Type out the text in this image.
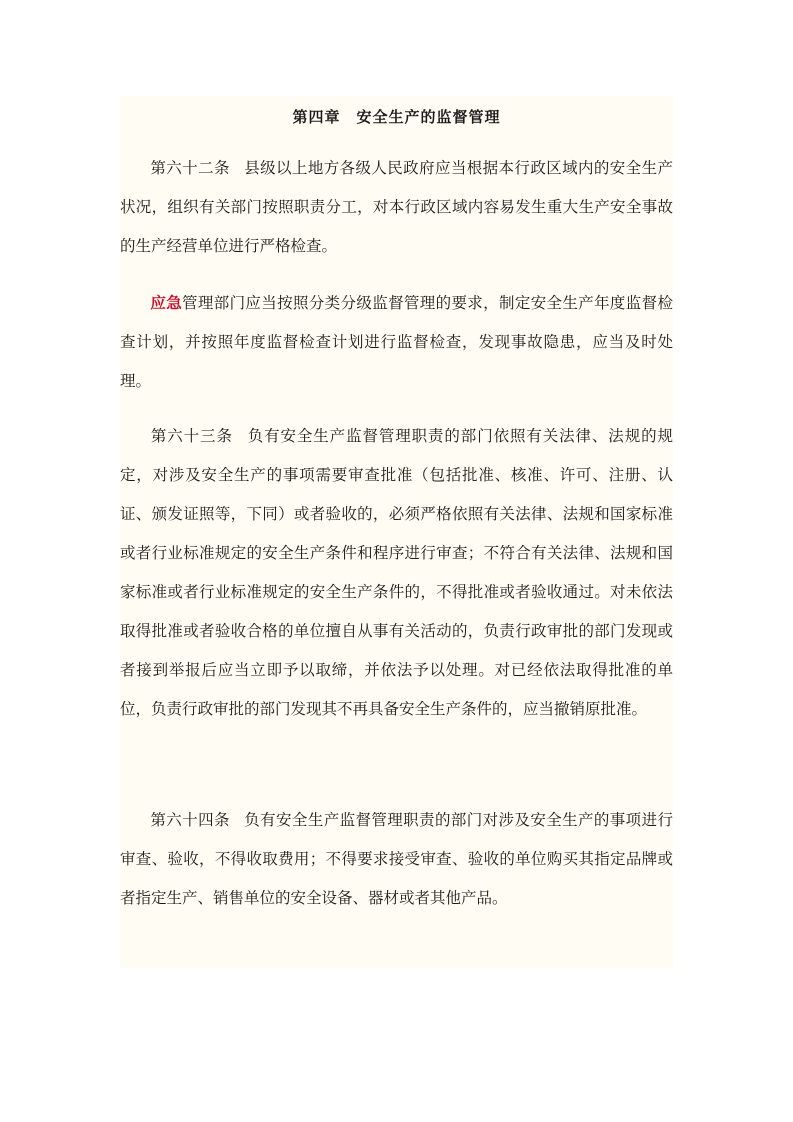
第四章　安全生产的监督管理

第六十二条 县级以上地方各级人民政府应当根据本行政区域内的安全生产状况，组织有关部门按照职责分工，对本行政区域内容易发生重大生产安全事故的生产经营单位进行严格检查。

应急管理部门应当按照分类分级监督管理的要求，制定安全生产年度监督检查计划，并按照年度监督检查计划进行监督检查，发现事故隐患，应当及时处理。

第六十三条 负有安全生产监督管理职责的部门依照有关法律、法规的规定，对涉及安全生产的事项需要审查批准（包括批准、核准、许可、注册、认证、颁发证照等，下同）或者验收的，必须严格依照有关法律、法规和国家标准或者行业标准规定的安全生产条件和程序进行审查；不符合有关法律、法规和国家标准或者行业标准规定的安全生产条件的，不得批准或者验收通过。对未依法取得批准或者验收合格的单位擅自从事有关活动的，负责行政审批的部门发现或者接到举报后应当立即予以取缔，并依法予以处理。对已经依法取得批准的单位，负责行政审批的部门发现其不再具备安全生产条件的，应当撤销原批准。

第六十四条 负有安全生产监督管理职责的部门对涉及安全生产的事项进行审查、验收，不得收取费用；不得要求接受审查、验收的单位购买其指定品牌或者指定生产、销售单位的安全设备、器材或者其他产品。
